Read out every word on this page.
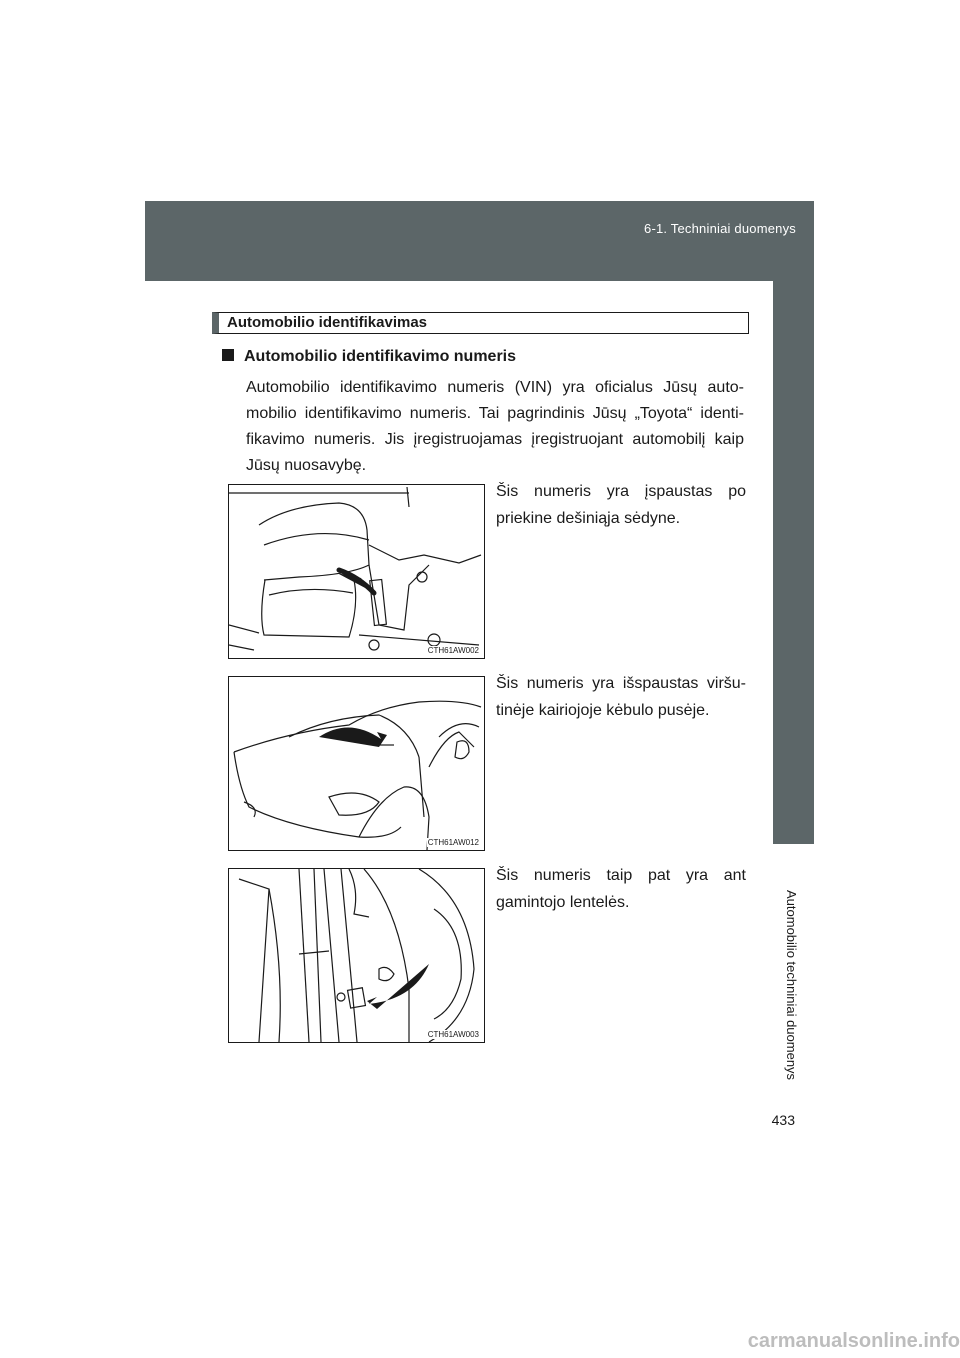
6-1. Techniniai duomenys
6
Automobilio techniniai duomenys
433
Automobilio identifikavimas
Automobilio identifikavimo numeris
Automobilio identifikavimo numeris (VIN) yra oficialus Jūsų auto-mobilio identifikavimo numeris. Tai pagrindinis Jūsų „Toyota“ identi-fikavimo numeris. Jis įregistruojamas įregistruojant automobilį kaip Jūsų nuosavybę.
CTH61AW002
Šis numeris yra įspaustas po priekine dešiniąja sėdyne.
CTH61AW012
Šis numeris yra išspaustas viršu-tinėje kairiojoje kėbulo pusėje.
CTH61AW003
Šis numeris taip pat yra ant gamintojo lentelės.
carmanualsonline.info
